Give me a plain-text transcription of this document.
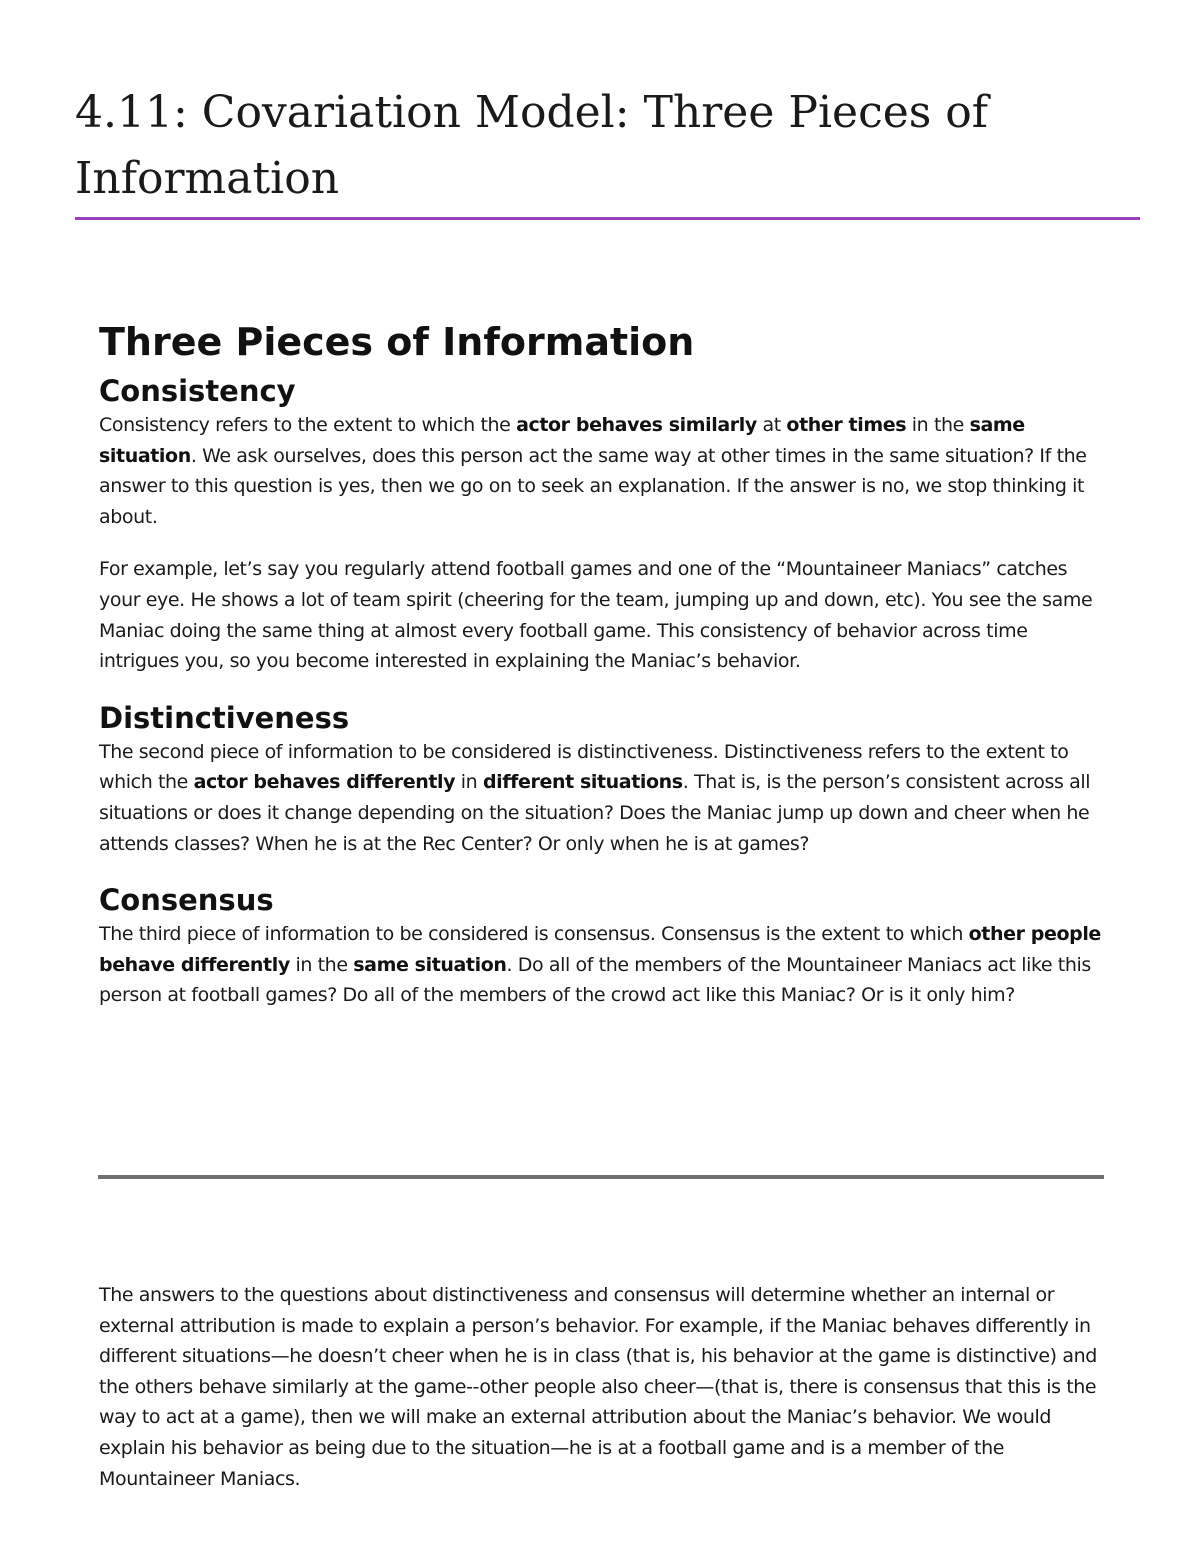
4.11: Covariation Model: Three Pieces of Information
Three Pieces of Information
Consistency

Consistency refers to the extent to which the actor behaves similarly at other times in the same situation. We ask ourselves, does this person act the same way at other times in the same situation? If the answer to this question is yes, then we go on to seek an explanation. If the answer is no, we stop thinking it about.

For example, let’s say you regularly attend football games and one of the “Mountaineer Maniacs” catches your eye. He shows a lot of team spirit (cheering for the team, jumping up and down, etc). You see the same Maniac doing the same thing at almost every football game. This consistency of behavior across time intrigues you, so you become interested in explaining the Maniac’s behavior.

Distinctiveness

The second piece of information to be considered is distinctiveness. Distinctiveness refers to the extent to which the actor behaves differently in different situations. That is, is the person’s consistent across all situations or does it change depending on the situation? Does the Maniac jump up down and cheer when he attends classes? When he is at the Rec Center? Or only when he is at games?

Consensus

The third piece of information to be considered is consensus. Consensus is the extent to which other people behave differently in the same situation. Do all of the members of the Mountaineer Maniacs act like this person at football games? Do all of the members of the crowd act like this Maniac? Or is it only him?

The answers to the questions about distinctiveness and consensus will determine whether an internal or external attribution is made to explain a person’s behavior. For example, if the Maniac behaves differently in different situations—he doesn’t cheer when he is in class (that is, his behavior at the game is distinctive) and the others behave similarly at the game--other people also cheer—(that is, there is consensus that this is the way to act at a game), then we will make an external attribution about the Maniac’s behavior. We would explain his behavior as being due to the situation—he is at a football game and is a member of the Mountaineer Maniacs.
